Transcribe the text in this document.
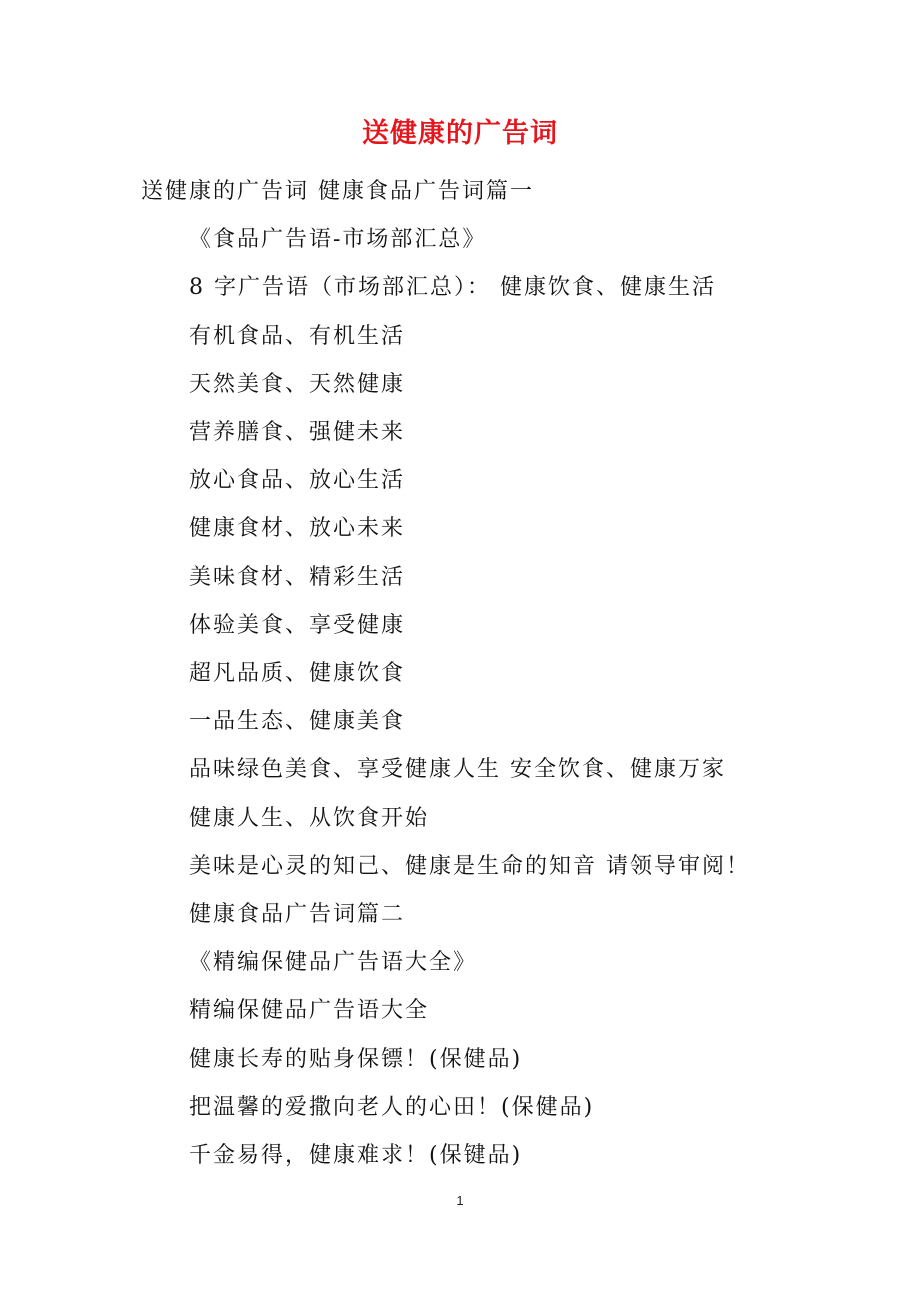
送健康的广告词
送健康的广告词 健康食品广告词篇一
《食品广告语-市场部汇总》
8 字广告语（市场部汇总）： 健康饮食、健康生活
有机食品、有机生活
天然美食、天然健康
营养膳食、强健未来
放心食品、放心生活
健康食材、放心未来
美味食材、精彩生活
体验美食、享受健康
超凡品质、健康饮食
一品生态、健康美食
品味绿色美食、享受健康人生 安全饮食、健康万家
健康人生、从饮食开始
美味是心灵的知己、健康是生命的知音 请领导审阅！
健康食品广告词篇二
《精编保健品广告语大全》
精编保健品广告语大全
健康长寿的贴身保镖！(保健品)
把温馨的爱撒向老人的心田！(保健品)
千金易得，健康难求！(保键品)
1
